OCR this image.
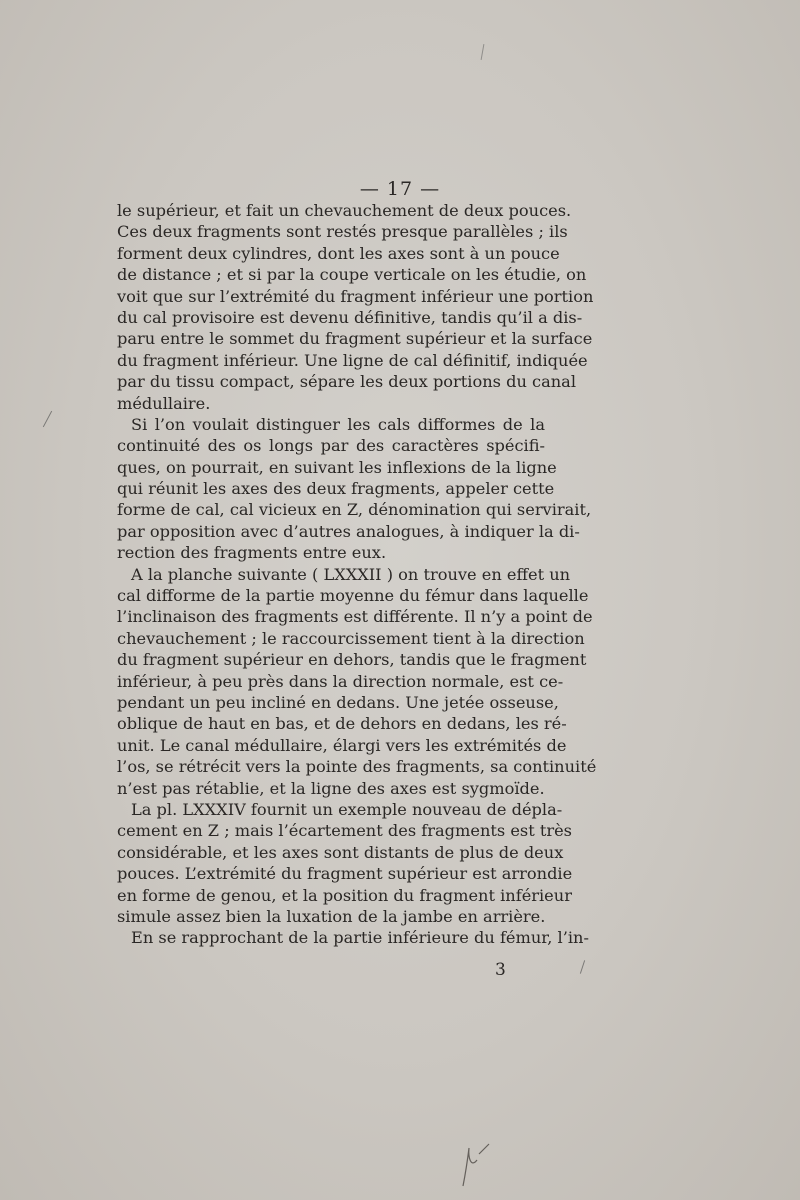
— 17 —
le supérieur, et fait un chevauchement de deux pouces.
Ces deux fragments sont restés presque parallèles ; ils
forment deux cylindres, dont les axes sont à un pouce
de distance ; et si par la coupe verticale on les étudie, on
voit que sur l’extrémité du fragment inférieur une portion
du cal provisoire est devenu définitive, tandis qu’il a dis-
paru entre le sommet du fragment supérieur et la surface
du fragment inférieur. Une ligne de cal définitif, indiquée
par du tissu compact, sépare les deux portions du canal
médullaire.
Si l’on voulait distinguer les cals difformes de la
continuité des os longs par des caractères spécifi-
ques, on pourrait, en suivant les inflexions de la ligne
qui réunit les axes des deux fragments, appeler cette
forme de cal, cal vicieux en Z, dénomination qui servirait,
par opposition avec d’autres analogues, à indiquer la di-
rection des fragments entre eux.
A la planche suivante ( LXXXII ) on trouve en effet un
cal difforme de la partie moyenne du fémur dans laquelle
l’inclinaison des fragments est différente. Il n’y a point de
chevauchement ; le raccourcissement tient à la direction
du fragment supérieur en dehors, tandis que le fragment
inférieur, à peu près dans la direction normale, est ce-
pendant un peu incliné en dedans. Une jetée osseuse,
oblique de haut en bas, et de dehors en dedans, les ré-
unit. Le canal médullaire, élargi vers les extrémités de
l’os, se rétrécit vers la pointe des fragments, sa continuité
n’est pas rétablie, et la ligne des axes est sygmoïde.
La pl. LXXXIV fournit un exemple nouveau de dépla-
cement en Z ; mais l’écartement des fragments est très
considérable, et les axes sont distants de plus de deux
pouces. L’extrémité du fragment supérieur est arrondie
en forme de genou, et la position du fragment inférieur
simule assez bien la luxation de la jambe en arrière.
En se rapprochant de la partie inférieure du fémur, l’in-
3
